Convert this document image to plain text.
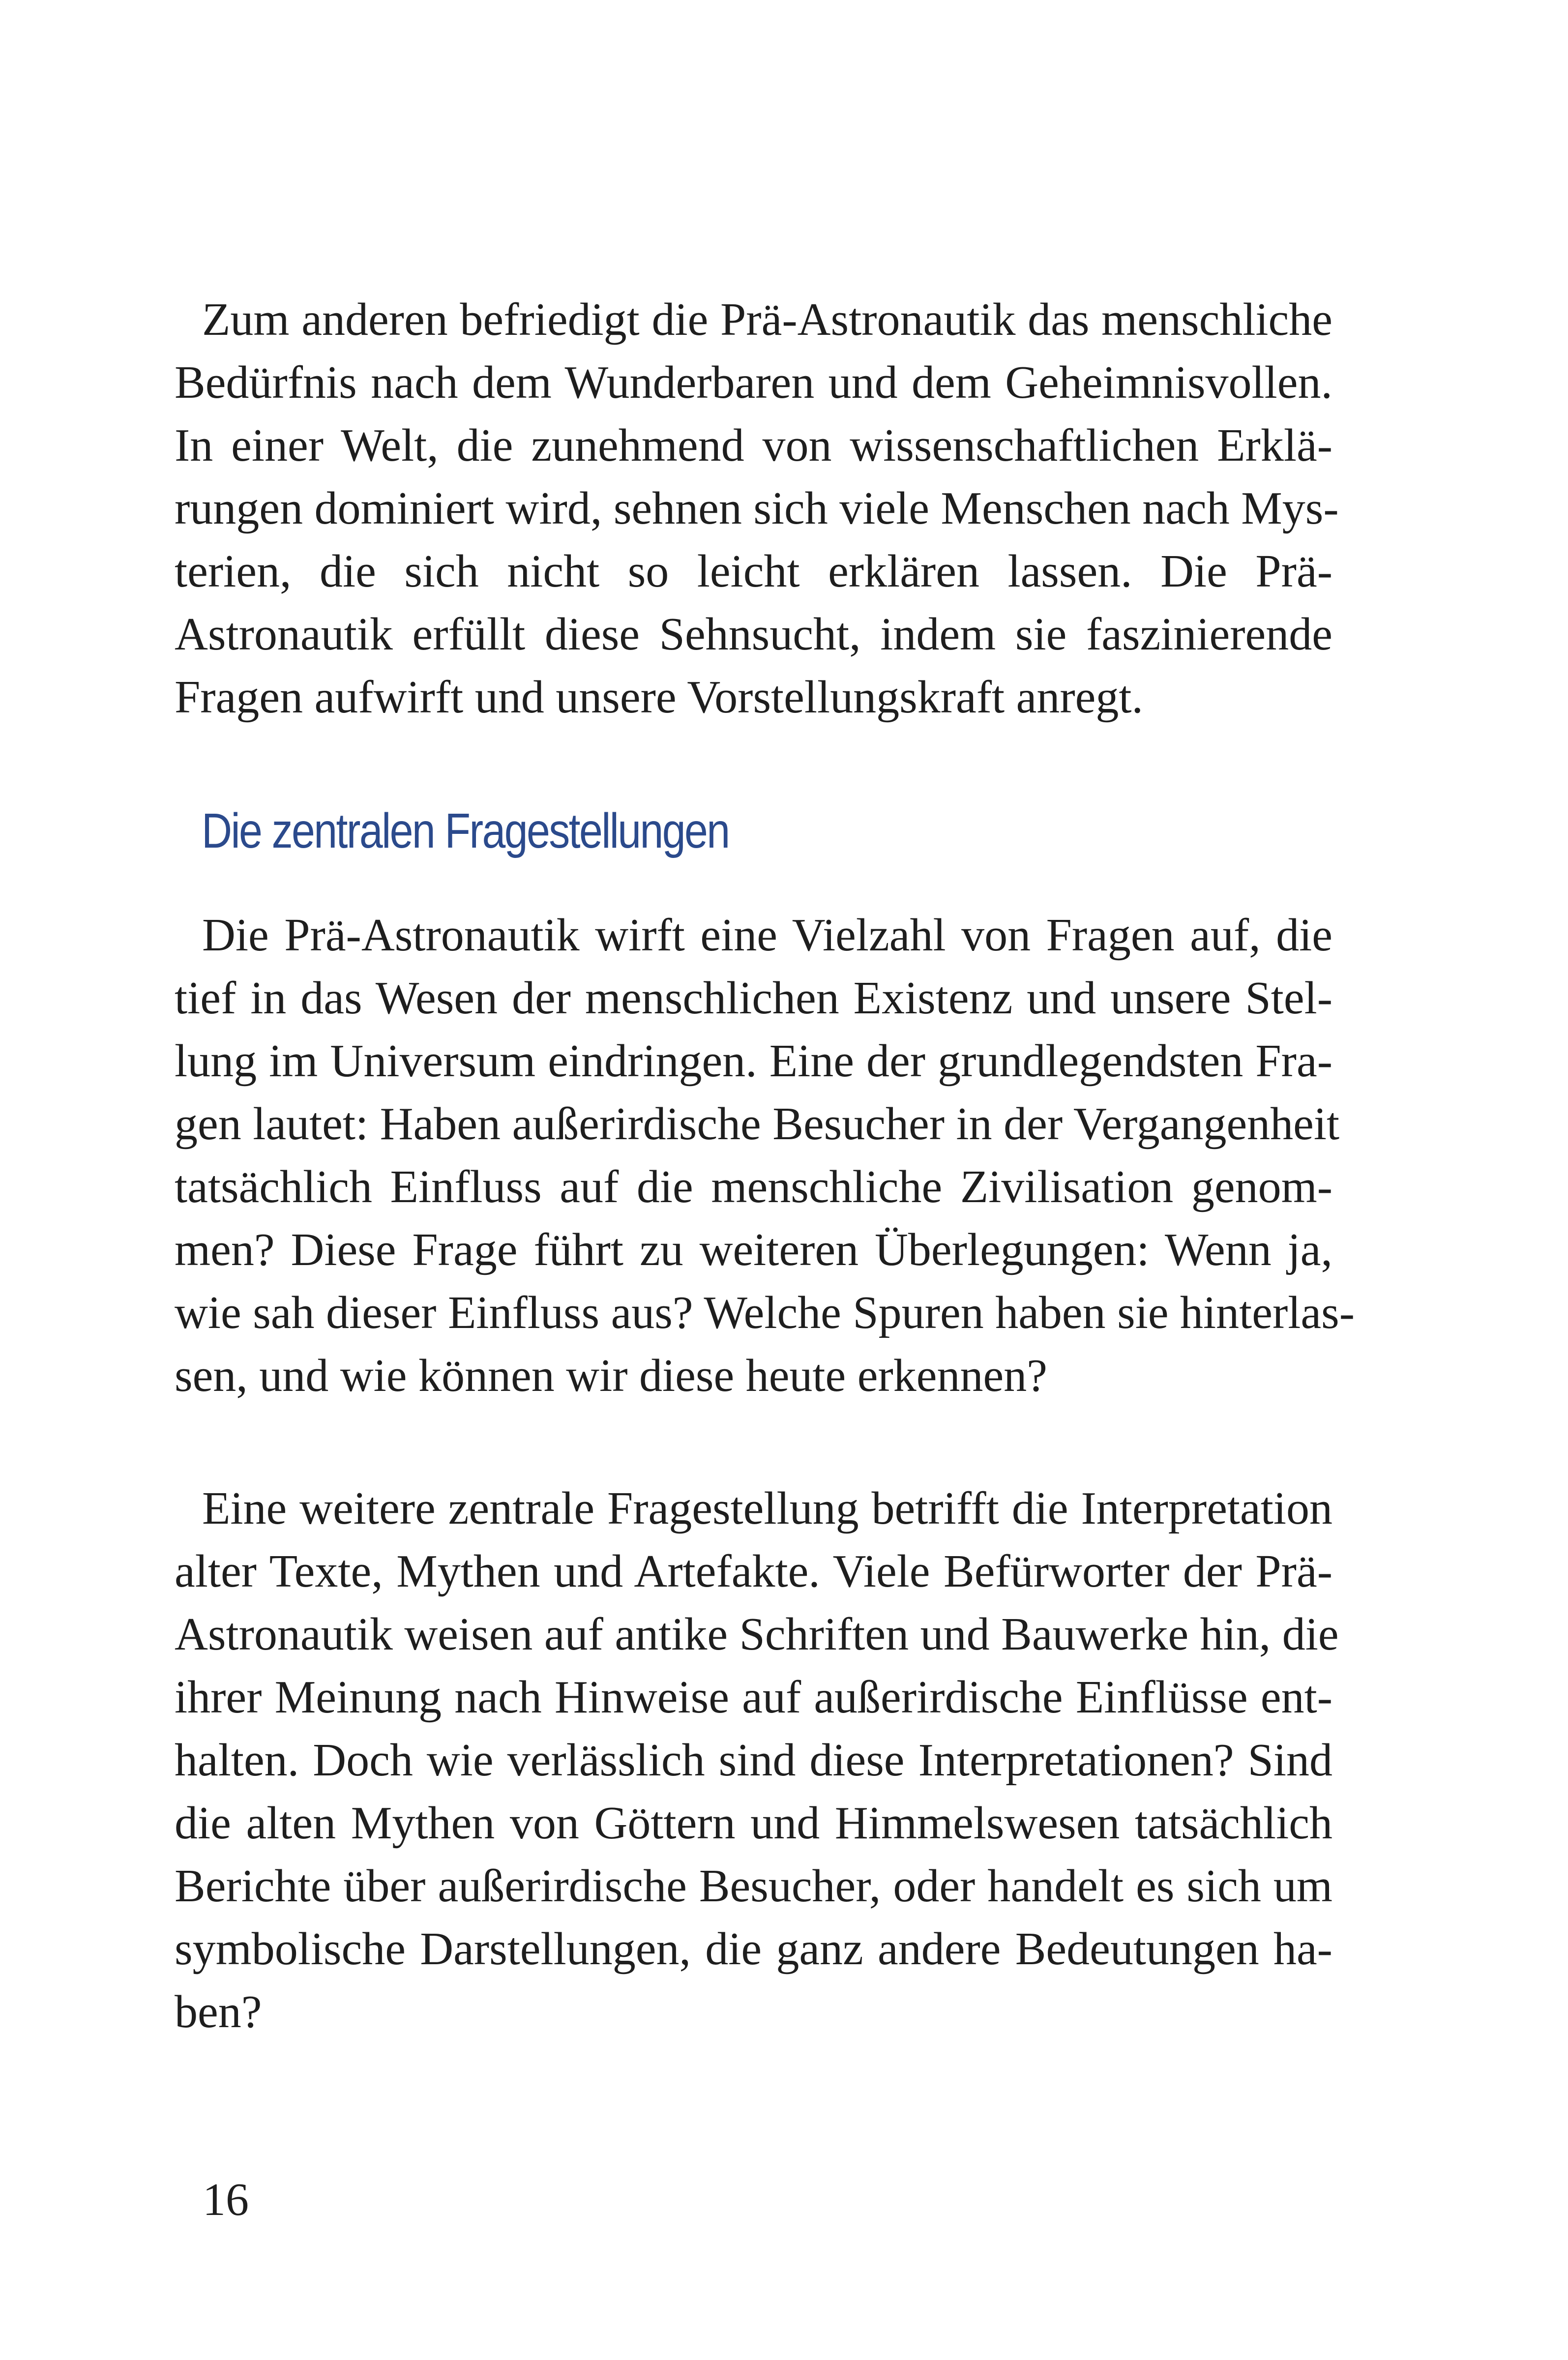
Zum anderen befriedigt die Prä-Astronautik das menschliche
Bedürfnis nach dem Wunderbaren und dem Geheimnisvollen.
In einer Welt, die zunehmend von wissenschaftlichen Erklä-
rungen dominiert wird, sehnen sich viele Menschen nach Mys-
terien, die sich nicht so leicht erklären lassen. Die Prä-
Astronautik erfüllt diese Sehnsucht, indem sie faszinierende
Fragen aufwirft und unsere Vorstellungskraft anregt.
Die zentralen Fragestellungen
Die Prä-Astronautik wirft eine Vielzahl von Fragen auf, die
tief in das Wesen der menschlichen Existenz und unsere Stel-
lung im Universum eindringen. Eine der grundlegendsten Fra-
gen lautet: Haben außerirdische Besucher in der Vergangenheit
tatsächlich Einfluss auf die menschliche Zivilisation genom-
men? Diese Frage führt zu weiteren Überlegungen: Wenn ja,
wie sah dieser Einfluss aus? Welche Spuren haben sie hinterlas-
sen, und wie können wir diese heute erkennen?
Eine weitere zentrale Fragestellung betrifft die Interpretation
alter Texte, Mythen und Artefakte. Viele Befürworter der Prä-
Astronautik weisen auf antike Schriften und Bauwerke hin, die
ihrer Meinung nach Hinweise auf außerirdische Einflüsse ent-
halten. Doch wie verlässlich sind diese Interpretationen? Sind
die alten Mythen von Göttern und Himmelswesen tatsächlich
Berichte über außerirdische Besucher, oder handelt es sich um
symbolische Darstellungen, die ganz andere Bedeutungen ha-
ben?
16
